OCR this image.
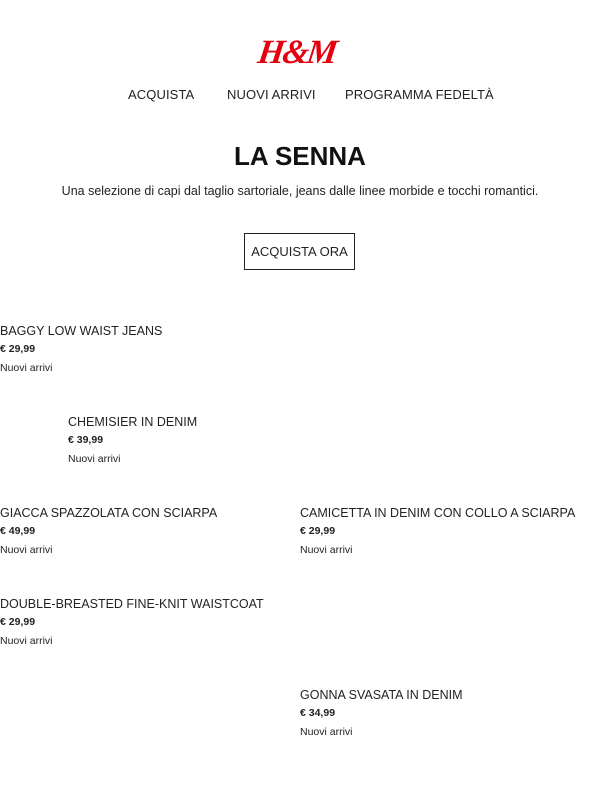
H&M
ACQUISTA	NUOVI ARRIVI PROGRAMMA FEDELTÀ
LA SENNA

Una selezione di capi dal taglio sartoriale, jeans dalle linee morbide e tocchi romantici.

ACQUISTA ORA
BAGGY LOW WAIST JEANS
€ 29,99
Nuovi arrivi
CHEMISIER IN DENIM
€ 39,99
Nuovi arrivi
GIACCA SPAZZOLATA CON SCIARPA
€ 49,99
Nuovi arrivi
CAMICETTA IN DENIM CON COLLO A SCIARPA
€ 29,99
Nuovi arrivi
DOUBLE-BREASTED FINE-KNIT WAISTCOAT
€ 29,99
Nuovi arrivi
GONNA SVASATA IN DENIM
€ 34,99
Nuovi arrivi
